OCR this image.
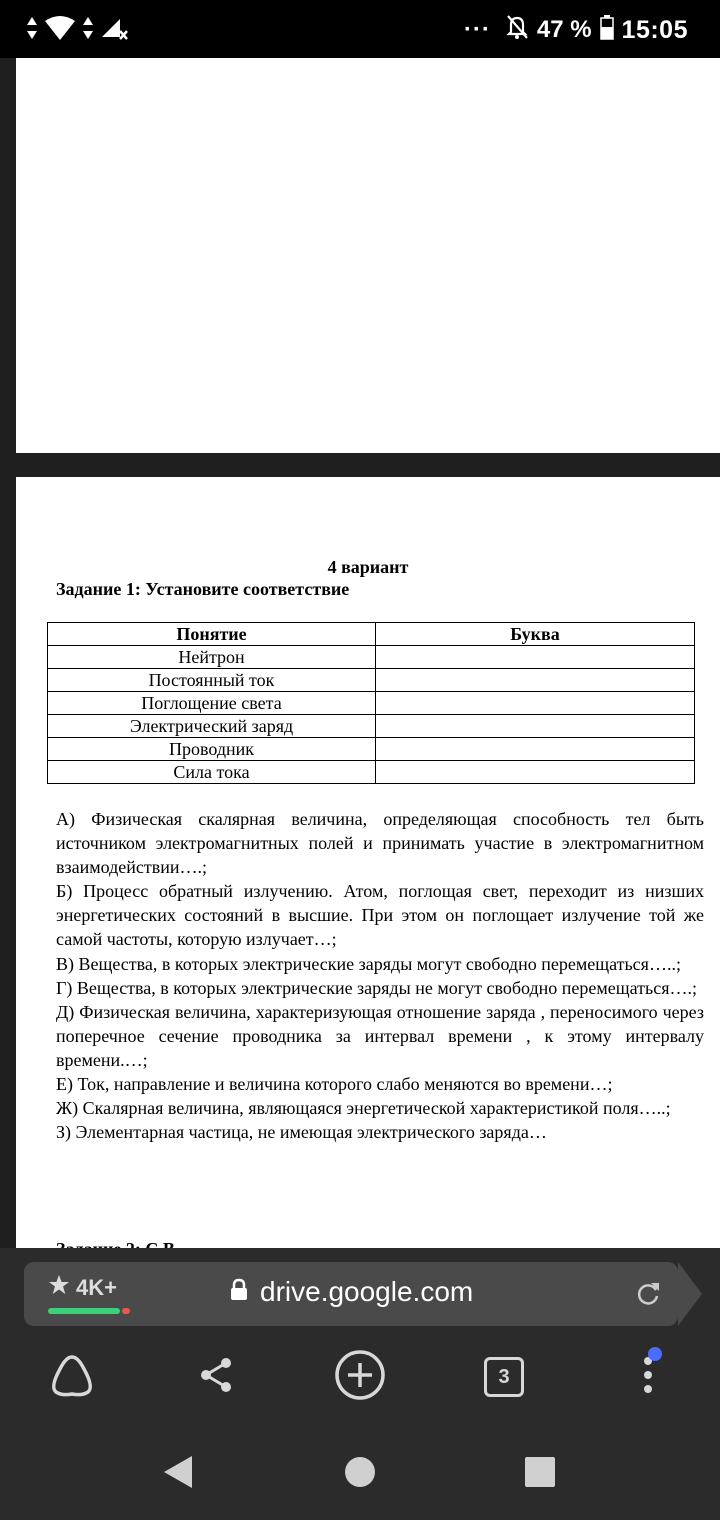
··· 47 % 15:05
4 вариант
Задание 1: Установите соответствие
Понятие	Буква
Нейтрон	
Постоянный ток	
Поглощение света	
Электрический заряд	
Проводник	
Сила тока	

А) Физическая скалярная величина, определяющая способность тел быть источником электромагнитных полей и принимать участие в электромагнитном взаимодействии….;

Б) Процесс обратный излучению. Атом, поглощая свет, переходит из низших энергетических состояний в высшие. При этом он поглощает излучение той же самой частоты, которую излучает…;

В) Вещества, в которых электрические заряды могут свободно перемещаться…..;

Г) Вещества, в которых электрические заряды не могут свободно перемещаться….;

Д) Физическая величина, характеризующая отношение заряда , переносимого через поперечное сечение проводника за интервал времени , к этому интервалу времени.…;

Е) Ток, направление и величина которого слабо меняются во времени…;

Ж) Скалярная величина, являющаяся энергетической характеристикой поля…..;

З) Элементарная частица, не имеющая электрического заряда…

4K+	drive.google.com
3
